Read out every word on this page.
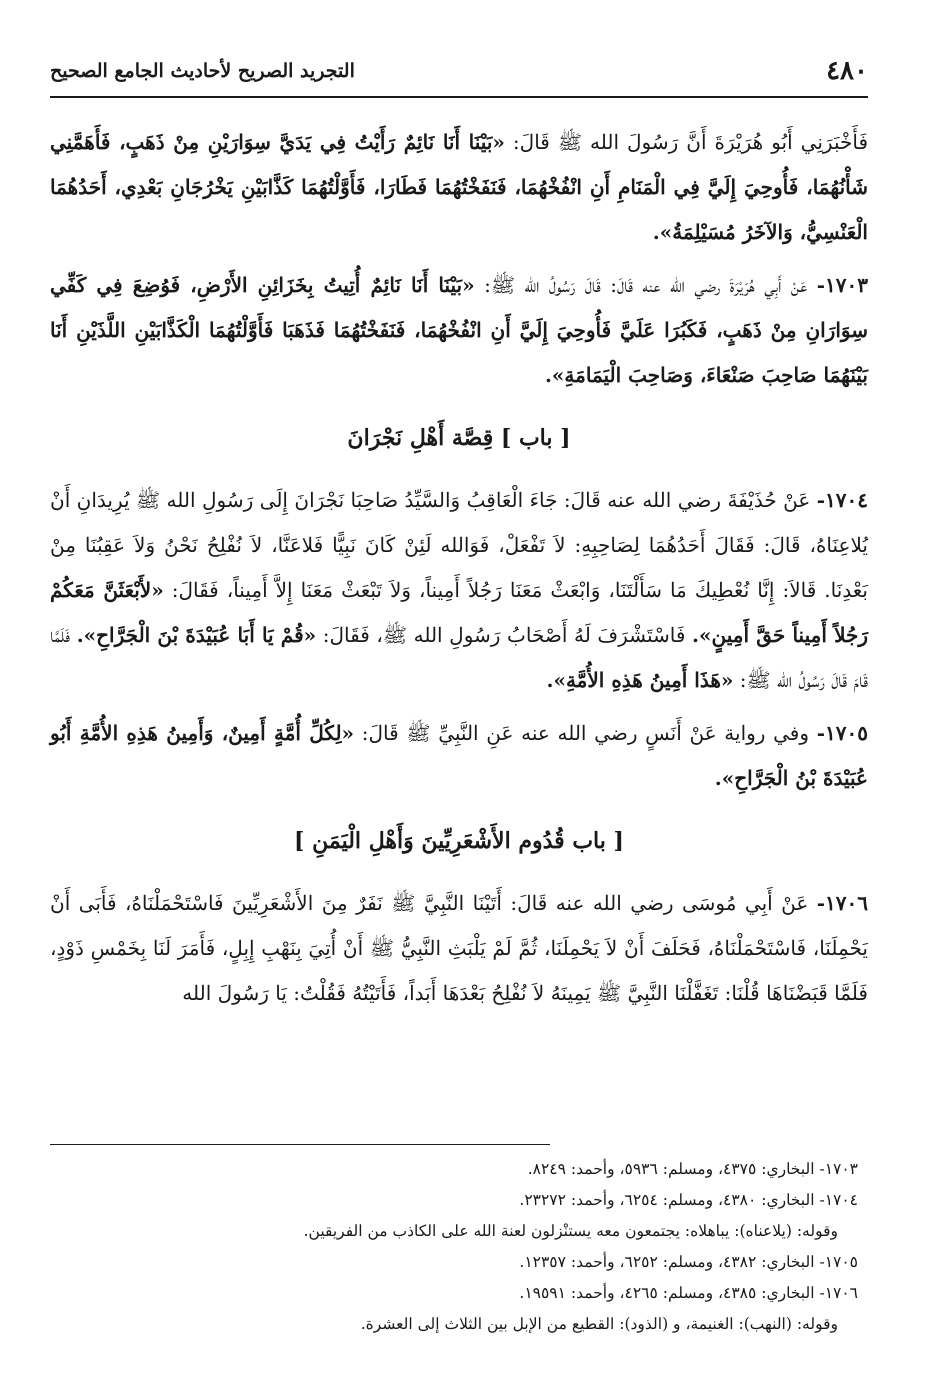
٤٨٠
التجريد الصريح لأحاديث الجامع الصحيح

فَأَخْبَرَنِي أَبُو هُرَيْرَةَ أَنَّ رَسُولَ الله ﷺ قَالَ: «بَيْنَا أَنَا نَائِمٌ رَأَيْتُ فِي يَدَيَّ سِوَارَيْنِ مِنْ ذَهَبٍ، فَأَهَمَّنِي شَأْنُهُمَا، فَأُوحِيَ إِلَيَّ فِي الْمَنَامِ أَنِ انْفُخْهُمَا، فَنَفَخْتُهُمَا فَطَارَا، فَأَوَّلْتُهُمَا كَذَّابَيْنِ يَخْرُجَانِ بَعْدِي، أَحَدُهُمَا الْعَنْسِيُّ، وَالآخَرُ مُسَيْلِمَةُ».

١٧٠٣- عَنْ أَبِي هُرَيْرَةَ رضي الله عنه قَالَ: قَالَ رَسُولُ الله ﷺ: «بَيْنَا أَنَا نَائِمٌ أُتِيتُ بِخَزَائِنِ الأَرْضِ، فَوُضِعَ فِي كَفِّي سِوَارَانِ مِنْ ذَهَبٍ، فَكَبُرَا عَلَيَّ فَأُوحِيَ إِلَيَّ أَنِ انْفُخْهُمَا، فَنَفَخْتُهُمَا فَذَهَبَا فَأَوَّلْتُهُمَا الْكَذَّابَيْنِ اللَّذَيْنِ أَنَا بَيْنَهُمَا صَاحِبَ صَنْعَاءَ، وَصَاحِبَ الْيَمَامَةِ».

[ باب ] قِصَّة أَهْلِ نَجْرَانَ

١٧٠٤- عَنْ حُذَيْفَةَ رضي الله عنه قَالَ: جَاءَ الْعَاقِبُ وَالسَّيِّدُ صَاحِبَا نَجْرَانَ إِلَى رَسُولِ الله ﷺ يُرِيدَانِ أَنْ يُلاعِنَاهُ، قَالَ: فَقَالَ أَحَدُهُمَا لِصَاحِبِهِ: لاَ تَفْعَلْ، فَوَالله لَئِنْ كَانَ نَبِيًّا فَلاعَنَّا، لاَ نُفْلِحُ نَحْنُ وَلاَ عَقِبُنَا مِنْ بَعْدِنَا. قَالاَ: إِنَّا نُعْطِيكَ مَا سَأَلْتَنَا، وَابْعَثْ مَعَنَا رَجُلاً أَمِيناً، وَلاَ تَبْعَثْ مَعَنَا إِلاَّ أَمِيناً، فَقَالَ: «لأَبْعَثَنَّ مَعَكُمْ رَجُلاً أَمِيناً حَقَّ أَمِينٍ». فَاسْتَشْرَفَ لَهُ أَصْحَابُ رَسُولِ الله ﷺ، فَقَالَ: «قُمْ يَا أَبَا عُبَيْدَةَ بْنَ الْجَرَّاحِ». فَلَمَّا قَامَ قَالَ رَسُولُ الله ﷺ: «هَذَا أَمِينُ هَذِهِ الأُمَّةِ».

١٧٠٥- وفي رواية عَنْ أَنَسٍ رضي الله عنه عَنِ النَّبِيِّ ﷺ قَالَ: «لِكُلِّ أُمَّةٍ أَمِينٌ، وَأَمِينُ هَذِهِ الأُمَّةِ أَبُو عُبَيْدَةَ بْنُ الْجَرَّاحِ».

[ باب قُدُوم الأَشْعَرِيِّينَ وَأَهْلِ الْيَمَنِ ]

١٧٠٦- عَنْ أَبِي مُوسَى رضي الله عنه قَالَ: أَتَيْنَا النَّبِيَّ ﷺ نَفَرٌ مِنَ الأَشْعَرِيِّينَ فَاسْتَحْمَلْنَاهُ، فَأَبَى أَنْ يَحْمِلَنَا، فَاسْتَحْمَلْنَاهُ، فَحَلَفَ أَنْ لاَ يَحْمِلَنَا، ثُمَّ لَمْ يَلْبَثِ النَّبِيُّ ﷺ أَنْ أُتِيَ بِنَهْبِ إِبِلٍ، فَأَمَرَ لَنَا بِخَمْسِ ذَوْدٍ، فَلَمَّا قَبَضْنَاهَا قُلْنَا: تَغَفَّلْنَا النَّبِيَّ ﷺ يَمِينَهُ لاَ نُفْلِحُ بَعْدَهَا أَبَداً، فَأَتَيْتُهُ فَقُلْتُ: يَا رَسُولَ الله

١٧٠٣- البخاري: ٤٣٧٥، ومسلم: ٥٩٣٦، وأحمد: ٨٢٤٩.

١٧٠٤- البخاري: ٤٣٨٠، ومسلم: ٦٢٥٤، وأحمد: ٢٣٢٧٢.

وقوله: (يلاعناه): يباهلاه: يجتمعون معه يستنْزلون لعنة الله على الكاذب من الفريقين.

١٧٠٥- البخاري: ٤٣٨٢، ومسلم: ٦٢٥٢، وأحمد: ١٢٣٥٧.

١٧٠٦- البخاري: ٤٣٨٥، ومسلم: ٤٢٦٥، وأحمد: ١٩٥٩١.

وقوله: (النهب): الغنيمة، و (الذود): القطيع من الإبل بين الثلاث إلى العشرة.
